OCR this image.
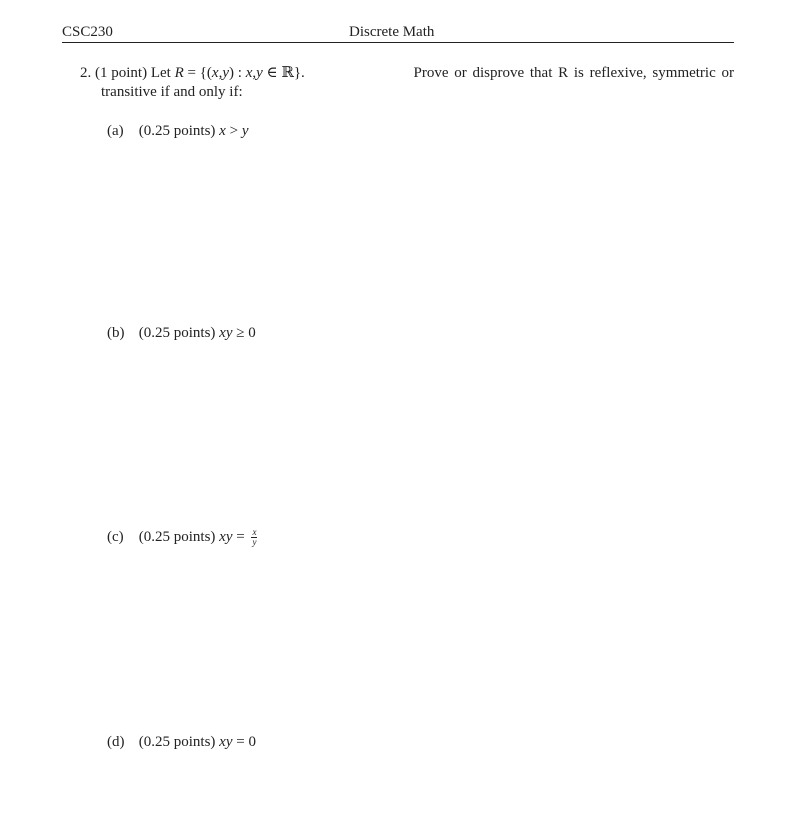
CSC230	Discrete Math
2. (1 point) Let R = {(x,y) : x,y ∈ ℝ}.	Prove or disprove that R is reflexive, symmetric or
transitive if and only if:
(a) (0.25 points) x > y
(b) (0.25 points) xy ≥ 0
(c) (0.25 points) xy = $\frac{x}{y}$
(d) (0.25 points) xy = 0
